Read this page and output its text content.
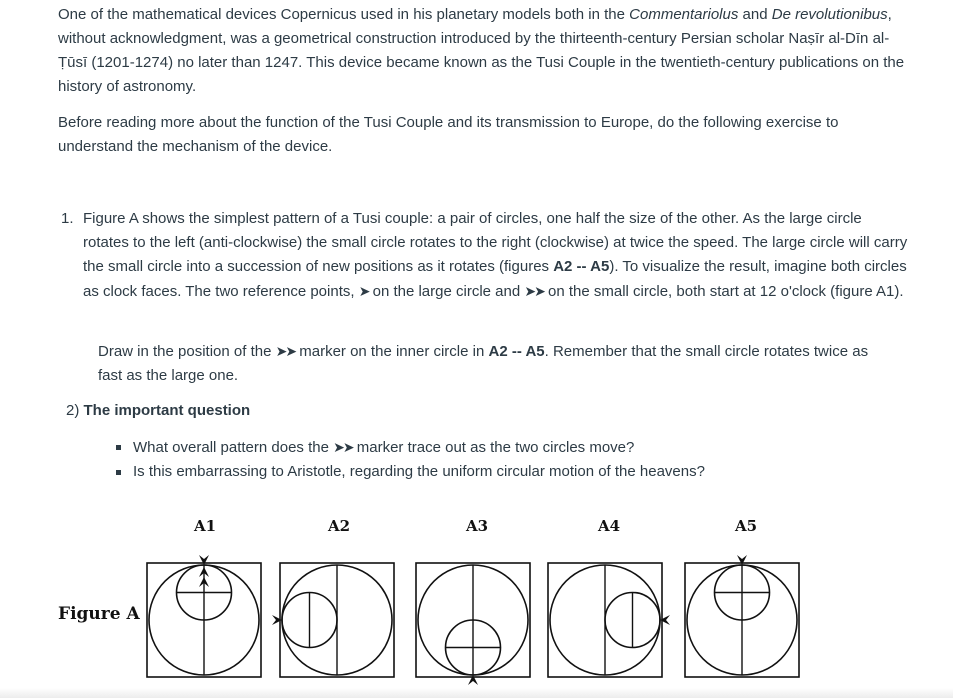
One of the mathematical devices Copernicus used in his planetary models both in the Commentariolus and De revolutionibus, without acknowledgment, was a geometrical construction introduced by the thirteenth-century Persian scholar Naṣīr al-Dīn al-Ṭūsī (1201-1274) no later than 1247. This device became known as the Tusi Couple in the twentieth-century publications on the history of astronomy.

Before reading more about the function of the Tusi Couple and its transmission to Europe, do the following exercise to understand the mechanism of the device.

1. Figure A shows the simplest pattern of a Tusi couple: a pair of circles, one half the size of the other. As the large circle rotates to the left (anti-clockwise) the small circle rotates to the right (clockwise) at twice the speed. The large circle will carry the small circle into a succession of new positions as it rotates (figures A2 -- A5). To visualize the result, imagine both circles as clock faces. The two reference points, ➤ on the large circle and ➤➤ on the small circle, both start at 12 o'clock (figure A1).

Draw in the position of the ➤➤ marker on the inner circle in A2 -- A5. Remember that the small circle rotates twice as fast as the large one.

2) The important question

What overall pattern does the ➤➤ marker trace out as the two circles move?
Is this embarrassing to Aristotle, regarding the uniform circular motion of the heavens?
A1	A2	A3	A4	A5
Figure A
